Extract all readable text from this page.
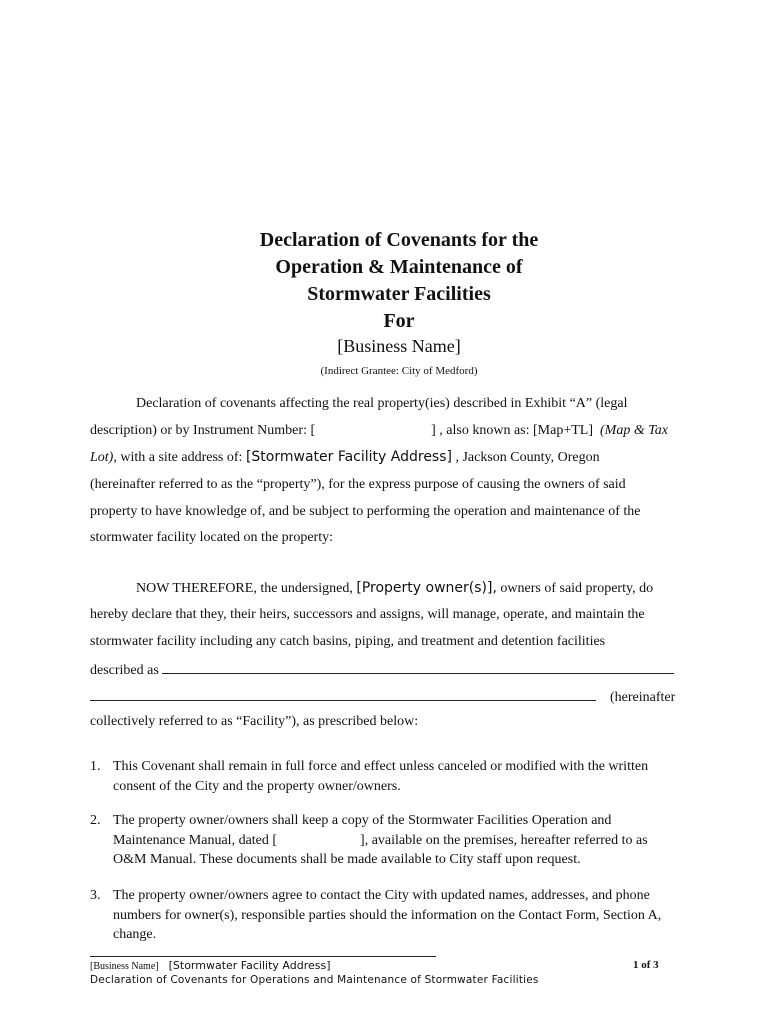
Declaration of Covenants for the
Operation & Maintenance of
Stormwater Facilities
For
[Business Name]
(Indirect Grantee: City of Medford)
Declaration of covenants affecting the real property(ies) described in Exhibit “A” (legal
description) or by Instrument Number: [	] , also known as: [Map+TL] (Map & Tax
Lot), with a site address of: [Stormwater Facility Address] , Jackson County, Oregon
(hereinafter referred to as the “property”), for the express purpose of causing the owners of said
property to have knowledge of, and be subject to performing the operation and maintenance of the
stormwater facility located on the property:
NOW THEREFORE, the undersigned, [Property owner(s)], owners of said property, do
hereby declare that they, their heirs, successors and assigns, will manage, operate, and maintain the
stormwater facility including any catch basins, piping, and treatment and detention facilities
described as
(hereinafter
collectively referred to as “Facility”), as prescribed below:
1. This Covenant shall remain in full force and effect unless canceled or modified with the written
consent of the City and the property owner/owners.
2. The property owner/owners shall keep a copy of the Stormwater Facilities Operation and
Maintenance Manual, dated [	], available on the premises, hereafter referred to as
O&M Manual. These documents shall be made available to City staff upon request.
3. The property owner/owners agree to contact the City with updated names, addresses, and phone
numbers for owner(s), responsible parties should the information on the Contact Form, Section A,
change.
[Business Name] [Stormwater Facility Address]	1 of 3
Declaration of Covenants for Operations and Maintenance of Stormwater Facilities
